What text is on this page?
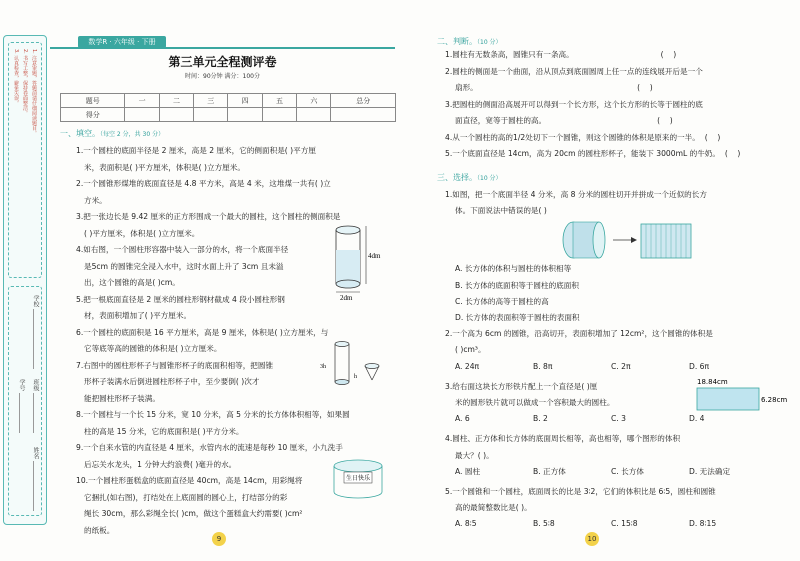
1. 注意审题，答题前请仔细阅读题目。
2. 书写工整，保持卷面整洁。
3. 认真检查，避免失误。
学校
班级
学号
姓名
数学R · 六年级 · 下册
第三单元全程测评卷
时间：90分钟 满分：100分
题号	一	二	三	四	五	六	总分
得分							
一、填空。（每空 2 分，共 30 分）
4dm
2dm
3h
h
生日快乐
9
1.一个圆柱的底面半径是 2 厘米，高是 2 厘米，它的侧面积是( )平方厘
米，表面积是( )平方厘米，体积是( )立方厘米。
2.一个圆锥形煤堆的底面直径是 4.8 平方米，高是 4 米，这堆煤一共有( )立
方米。
3.把一张边长是 9.42 厘米的正方形围成一个最大的圆柱，这个圆柱的侧面积是
( )平方厘米，体积是( )立方厘米。
4.如右图，一个圆柱形容器中装入一部分的水，将一个底面半径
是5cm 的圆锥完全浸入水中，这时水面上升了 3cm 且未溢
出，这个圆锥的高是( )cm。
5.把一根底面直径是 2 厘米的圆柱形钢材截成 4 段小圆柱形钢
材，表面积增加了( )平方厘米。
6.一个圆柱的底面积是 16 平方厘米，高是 9 厘米，体积是( )立方厘米，与
它等底等高的圆锥的体积是( )立方厘米。
7.右图中的圆柱形杯子与圆锥形杯子的底面积相等，把圆锥
形杯子装满水后倒进圆柱形杯子中，至少要倒( )次才
能把圆柱形杯子装满。
8.一个圆柱与一个长 15 分米，宽 10 分米，高 5 分米的长方体体积相等，如果圆
柱的高是 15 分米，它的底面积是( )平方分米。
9.一个自来水管的内直径是 4 厘米，水管内水的流速是每秒 10 厘米，小九洗手
后忘关水龙头，1 分钟大约浪费( )毫升的水。
10.一个圆柱形蛋糕盒的底面直径是 40cm，高是 14cm，用彩绳将
它捆扎(如右图)，打结处在上底面圆的圆心上，打结部分的彩
绳长 30cm，那么彩绳全长( )cm，做这个蛋糕盒大约需要( )cm²
的纸板。
二、判断。（10 分）
三、选择。（10 分）
18.84cm
6.28cm
10
1.圆柱有无数条高，圆锥只有一条高。                                    (    )
2.圆柱的侧面是一个曲面，沿从顶点到底面圆周上任一点的连线展开后是一个
扇形。                                                                  (    )
3.把圆柱的侧面沿高展开可以得到一个长方形，这个长方形的长等于圆柱的底
面直径，宽等于圆柱的高。                                              (    )
4.从一个圆柱的高的1/2处切下一个圆锥，则这个圆锥的体积是原来的一半。  (    )
5.一个底面直径是 14cm，高为 20cm 的圆柱形杯子，能装下 3000mL 的牛奶。  (    )
1.如图，把一个底面半径 4 分米，高 8 分米的圆柱切开并拼成一个近似的长方
体。下面说法中错误的是( )
A. 长方体的体积与圆柱的体积相等
B. 长方体的底面积等于圆柱的底面积
C. 长方体的高等于圆柱的高
D. 长方体的表面积等于圆柱的表面积
2.一个高为 6cm 的圆锥，沿高切开，表面积增加了 12cm²，这个圆锥的体积是
( )cm³。
A. 24π	B. 8π	C. 2π	D. 6π
3.给右面这块长方形铁片配上一个直径是( )厘
米的圆形铁片就可以做成一个容积最大的圆柱。
A. 6	B. 2	C. 3	D. 4
4.圆柱、正方体和长方体的底面周长相等，高也相等，哪个图形的体积
最大？( )。
A. 圆柱	B. 正方体	C. 长方体	D. 无法确定
5.一个圆锥和一个圆柱，底面周长的比是 3∶2，它们的体积比是 6∶5，圆柱和圆锥
高的最简整数比是( )。
A. 8∶5	B. 5∶8	C. 15∶8	D. 8∶15
